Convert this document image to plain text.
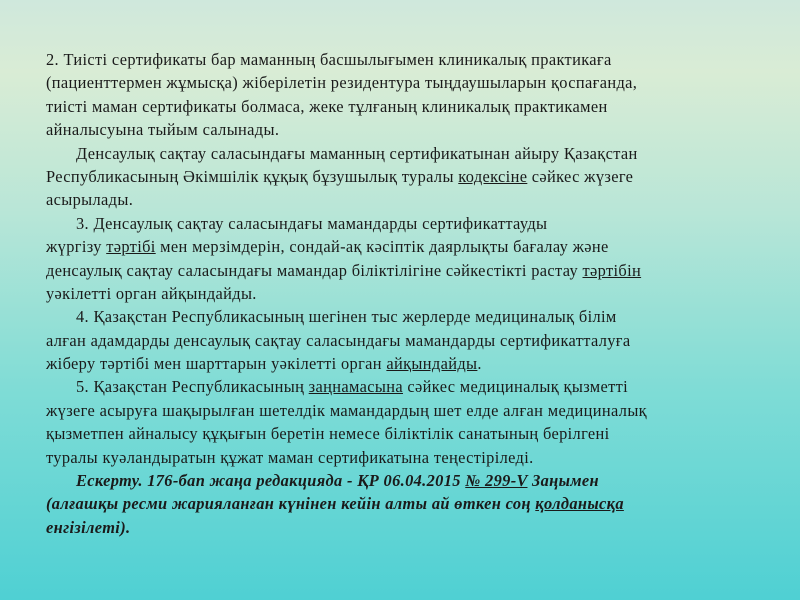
2. Тиісті сертификаты бар маманның басшылығымен клиникалық практикаға
(пациенттермен жұмысқа) жіберілетін резидентура тыңдаушыларын қоспағанда,
тиісті маман сертификаты болмаса, жеке тұлғаның клиникалық практикамен
айналысуына тыйым салынады.
Денсаулық сақтау саласындағы маманның сертификатынан айыру Қазақстан
Республикасының Әкімшілік құқық бұзушылық туралы кодексіне сәйкес жүзеге
асырылады.
3. Денсаулық сақтау саласындағы мамандарды сертификаттауды
жүргізу тәртібі мен мерзімдерін, сондай-ақ кәсіптік даярлықты бағалау және
денсаулық сақтау саласындағы мамандар біліктілігіне сәйкестікті растау тәртібін
уәкілетті орган айқындайды.
4. Қазақстан Республикасының шегінен тыс жерлерде медициналық білім
алған адамдарды денсаулық сақтау саласындағы мамандарды сертификатталуға
жіберу тәртібі мен шарттарын уәкілетті орган айқындайды.
5. Қазақстан Республикасының заңнамасына сәйкес медициналық қызметті
жүзеге асыруға шақырылған шетелдік мамандардың шет елде алған медициналық
қызметпен айналысу құқығын беретін немесе біліктілік санатының берілгені
туралы куәландыратын құжат маман сертификатына теңестіріледі.
Ескерту. 176-бап жаңа редакцияда - ҚР 06.04.2015 № 299-V Заңымен
(алғашқы ресми жарияланған күнінен кейін алты ай өткен соң қолданысқа
енгізілеті).
